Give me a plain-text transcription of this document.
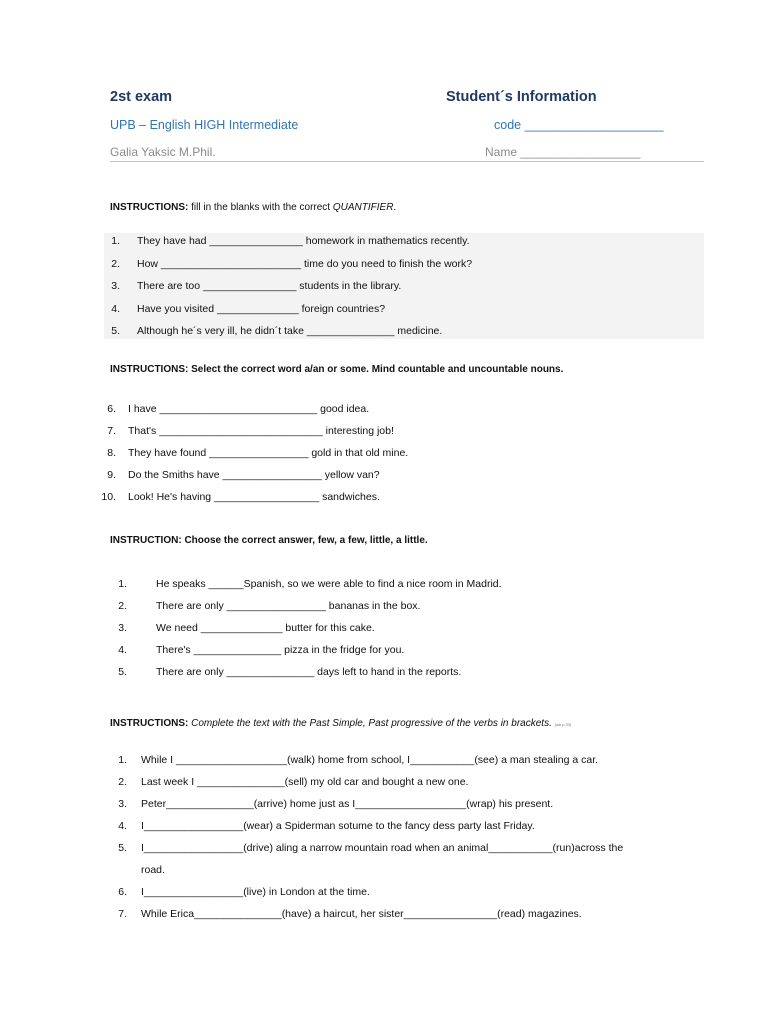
2st exam	Student´s Information
UPB – English HIGH Intermediate	code ____________________
Galia Yaksic M.Phil.	Name __________________
INSTRUCTIONS: fill in the blanks with the correct QUANTIFIER.
1. They have had ________________ homework in mathematics recently.
2. How ________________________ time do you need to finish the work?
3. There are too ________________ students in the library.
4. Have you visited ______________ foreign countries?
5. Although he´s very ill, he didn´t take _______________ medicine.
INSTRUCTIONS: Select the correct word a/an or some. Mind countable and uncountable nouns.
6. I have ___________________________ good idea.
7. That's ____________________________ interesting job!
8. They have found _________________ gold in that old mine.
9. Do the Smiths have _________________ yellow van?
10. Look! He's having __________________ sandwiches.
INSTRUCTION: Choose the correct answer, few, a few, little, a little.
1.	He speaks ______Spanish, so we were able to find a nice room in Madrid.
2.	There are only _________________ bananas in the box.
3.	We need ______________ butter for this cake.
4.	There's _______________ pizza in the fridge for you.
5.	There are only _______________ days left to hand in the reports.
INSTRUCTIONS: Complete the text with the Past Simple, Past progressive of the verbs in brackets. (wb p.33)
1. While I ___________________(walk) home from school, I___________(see) a man stealing a car.
2. Last week I _______________(sell) my old car and bought a new one.
3. Peter_______________(arrive) home just as I___________________(wrap) his present.
4. I_________________(wear) a Spiderman sotume to the fancy dess party last Friday.
5. I_________________(drive) aling a narrow mountain road when an animal___________(run)across the
road.
6. I_________________(live) in London at the time.
7. While Erica_______________(have) a haircut, her sister________________(read) magazines.
